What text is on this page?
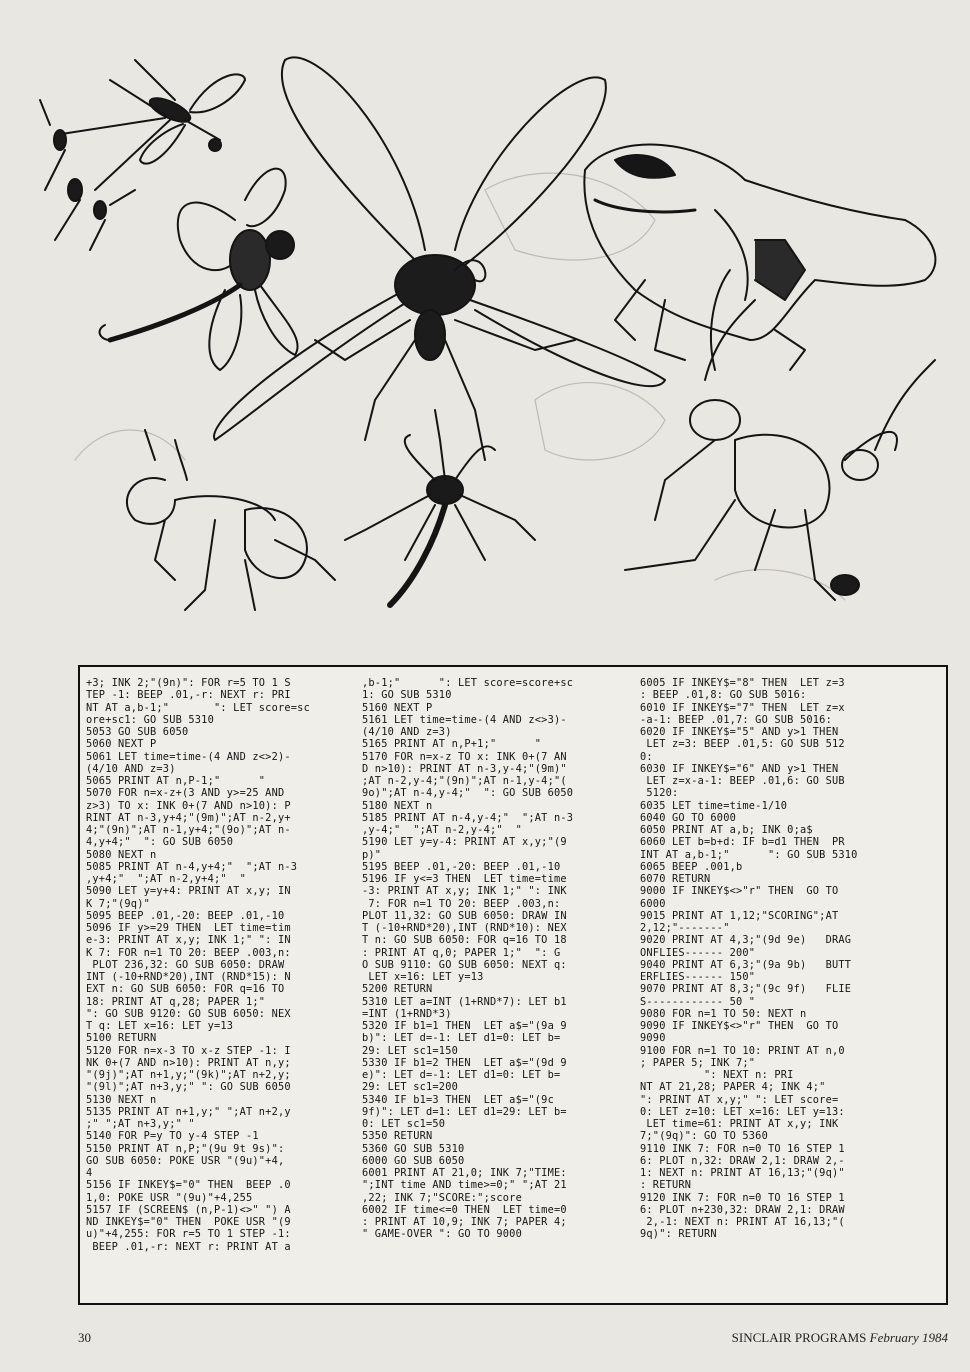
+3; INK 2;"(9n)": FOR r=5 TO 1 S
TEP -1: BEEP .01,-r: NEXT r: PRI
NT AT a,b-1;"       ": LET score=sc
ore+sc1: GO SUB 5310
5053 GO SUB 6050
5060 NEXT P
5061 LET time=time-(4 AND z<>2)-
(4/10 AND z=3)
5065 PRINT AT n,P-1;"      "
5070 FOR n=x-z+(3 AND y>=25 AND
z>3) TO x: INK 0+(7 AND n>10): P
RINT AT n-3,y+4;"(9m)";AT n-2,y+
4;"(9n)";AT n-1,y+4;"(9o)";AT n-
4,y+4;"  ": GO SUB 6050
5080 NEXT n
5085 PRINT AT n-4,y+4;"  ";AT n-3
,y+4;"  ";AT n-2,y+4;"  "
5090 LET y=y+4: PRINT AT x,y; IN
K 7;"(9q)"
5095 BEEP .01,-20: BEEP .01,-10
5096 IF y>=29 THEN  LET time=tim
e-3: PRINT AT x,y; INK 1;" ": IN
K 7: FOR n=1 TO 20: BEEP .003,n:
PLOT 236,32: GO SUB 6050: DRAW
INT (-10+RND*20),INT (RND*15): N
EXT n: GO SUB 6050: FOR q=16 TO
18: PRINT AT q,28; PAPER 1;"
": GO SUB 9120: GO SUB 6050: NEX
T q: LET x=16: LET y=13
5100 RETURN
5120 FOR n=x-3 TO x-z STEP -1: I
NK 0+(7 AND n>10): PRINT AT n,y;
"(9j)";AT n+1,y;"(9k)";AT n+2,y;
"(9l)";AT n+3,y;" ": GO SUB 6050
5130 NEXT n
5135 PRINT AT n+1,y;" ";AT n+2,y
;" ";AT n+3,y;" "
5140 FOR P=y TO y-4 STEP -1
5150 PRINT AT n,P;"(9u 9t 9s)":
GO SUB 6050: POKE USR "(9u)"+4,
4
5156 IF INKEY$="0" THEN  BEEP .0
1,0: POKE USR "(9u)"+4,255
5157 IF (SCREEN$ (n,P-1)<>" ") A
ND INKEY$="0" THEN  POKE USR "(9
u)"+4,255: FOR r=5 TO 1 STEP -1:
BEEP .01,-r: NEXT r: PRINT AT a
,b-1;"      ": LET score=score+sc
1: GO SUB 5310
5160 NEXT P
5161 LET time=time-(4 AND z<>3)-
(4/10 AND z=3)
5165 PRINT AT n,P+1;"      "
5170 FOR n=x-z TO x: INK 0+(7 AN
D n>10): PRINT AT n-3,y-4;"(9m)"
;AT n-2,y-4;"(9n)";AT n-1,y-4;"(
9o)";AT n-4,y-4;"  ": GO SUB 6050
5180 NEXT n
5185 PRINT AT n-4,y-4;"  ";AT n-3
,y-4;"  ";AT n-2,y-4;"  "
5190 LET y=y-4: PRINT AT x,y;"(9
p)"
5195 BEEP .01,-20: BEEP .01,-10
5196 IF y<=3 THEN  LET time=time
-3: PRINT AT x,y; INK 1;" ": INK
7: FOR n=1 TO 20: BEEP .003,n:
PLOT 11,32: GO SUB 6050: DRAW IN
T (-10+RND*20),INT (RND*10): NEX
T n: GO SUB 6050: FOR q=16 TO 18
: PRINT AT q,0; PAPER 1;"  ": G
O SUB 9110: GO SUB 6050: NEXT q:
LET x=16: LET y=13
5200 RETURN
5310 LET a=INT (1+RND*7): LET b1
=INT (1+RND*3)
5320 IF b1=1 THEN  LET a$="(9a 9
b)": LET d=-1: LET d1=0: LET b=
29: LET sc1=150
5330 IF b1=2 THEN  LET a$="(9d 9
e)": LET d=-1: LET d1=0: LET b=
29: LET sc1=200
5340 IF b1=3 THEN  LET a$="(9c
9f)": LET d=1: LET d1=29: LET b=
0: LET sc1=50
5350 RETURN
5360 GO SUB 5310
6000 GO SUB 6050
6001 PRINT AT 21,0; INK 7;"TIME:
";INT time AND time>=0;" ";AT 21
,22; INK 7;"SCORE:";score
6002 IF time<=0 THEN  LET time=0
: PRINT AT 10,9; INK 7; PAPER 4;
" GAME-OVER ": GO TO 9000
6005 IF INKEY$="8" THEN  LET z=3
: BEEP .01,8: GO SUB 5016:
6010 IF INKEY$="7" THEN  LET z=x
-a-1: BEEP .01,7: GO SUB 5016:
6020 IF INKEY$="5" AND y>1 THEN
LET z=3: BEEP .01,5: GO SUB 512
0:
6030 IF INKEY$="6" AND y>1 THEN
LET z=x-a-1: BEEP .01,6: GO SUB
5120:
6035 LET time=time-1/10
6040 GO TO 6000
6050 PRINT AT a,b; INK 0;a$
6060 LET b=b+d: IF b=d1 THEN  PR
INT AT a,b-1;"      ": GO SUB 5310
6065 BEEP .001,b
6070 RETURN
9000 IF INKEY$<>"r" THEN  GO TO
6000
9015 PRINT AT 1,12;"SCORING";AT
2,12;"-------"
9020 PRINT AT 4,3;"(9d 9e)   DRAG
ONFLIES------ 200"
9040 PRINT AT 6,3;"(9a 9b)   BUTT
ERFLIES------ 150"
9070 PRINT AT 8,3;"(9c 9f)   FLIE
S------------ 50 "
9080 FOR n=1 TO 50: NEXT n
9090 IF INKEY$<>"r" THEN  GO TO
9090
9100 FOR n=1 TO 10: PRINT AT n,0
; PAPER 5; INK 7;"
": NEXT n: PRI
NT AT 21,28; PAPER 4; INK 4;"
": PRINT AT x,y;" ": LET score=
0: LET z=10: LET x=16: LET y=13:
LET time=61: PRINT AT x,y; INK
7;"(9q)": GO TO 5360
9110 INK 7: FOR n=0 TO 16 STEP 1
6: PLOT n,32: DRAW 2,1: DRAW 2,-
1: NEXT n: PRINT AT 16,13;"(9q)"
: RETURN
9120 INK 7: FOR n=0 TO 16 STEP 1
6: PLOT n+230,32: DRAW 2,1: DRAW
2,-1: NEXT n: PRINT AT 16,13;"(
9q)": RETURN
30	SINCLAIR PROGRAMS February 1984
